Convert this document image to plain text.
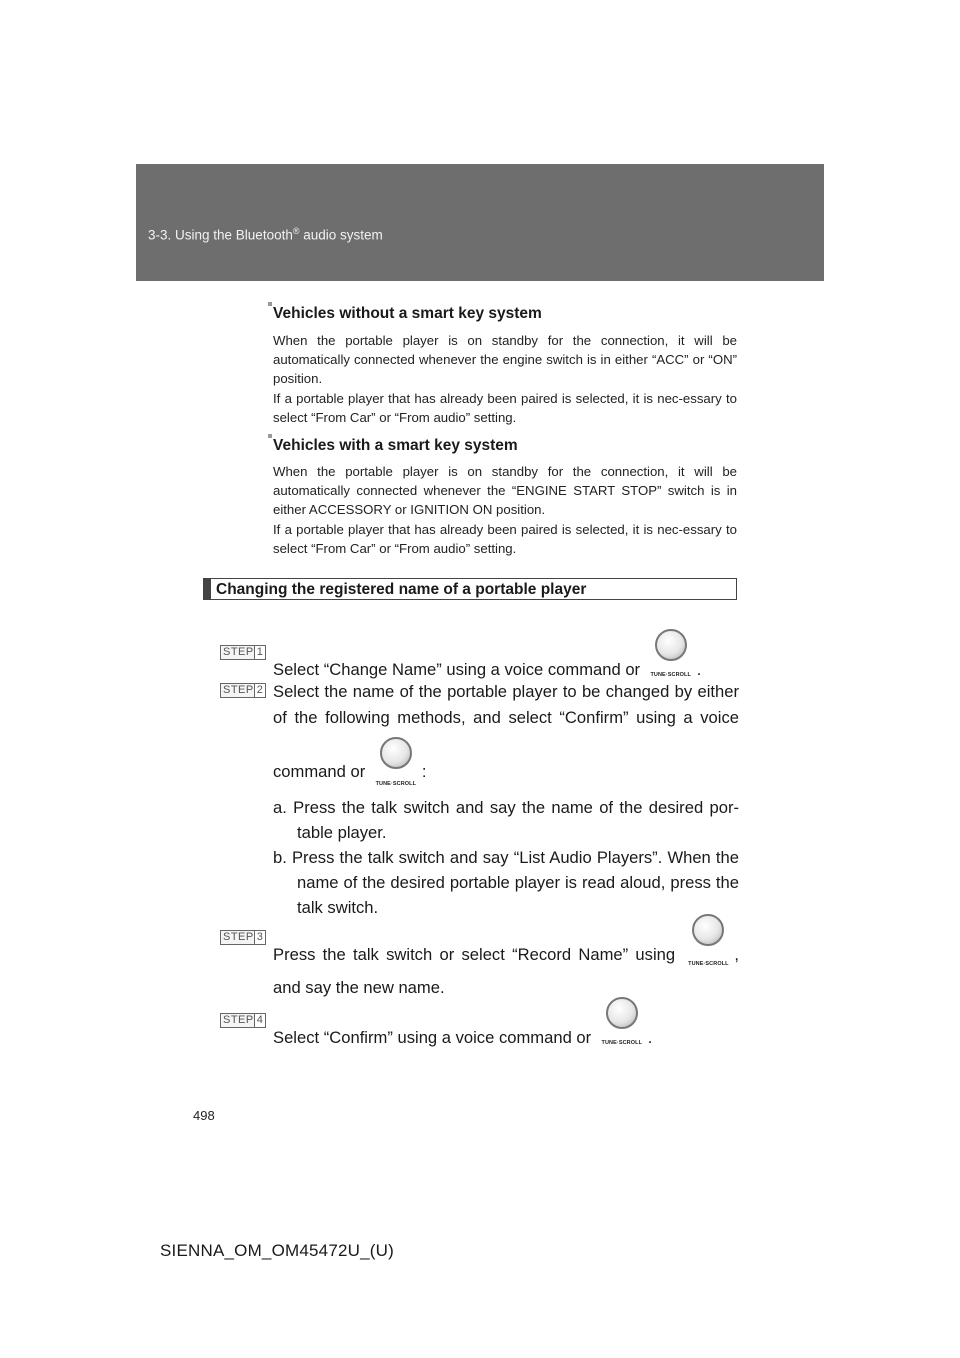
3-3. Using the Bluetooth® audio system
Vehicles without a smart key system

When the portable player is on standby for the connection, it will be automatically connected whenever the engine switch is in either “ACC” or “ON” position.

If a portable player that has already been paired is selected, it is nec-essary to select “From Car” or “From audio” setting.

Vehicles with a smart key system

When the portable player is on standby for the connection, it will be automatically connected whenever the “ENGINE START STOP” switch is in either ACCESSORY or IGNITION ON position.

If a portable player that has already been paired is selected, it is nec-essary to select “From Car” or “From audio” setting.

Changing the registered name of a portable player
STEP 1

Select “Change Name” using a voice command or	TUNE·SCROLL .

STEP 2 Select the name of the portable player to be changed by either of the following methods, and select “Confirm” using a voice command or
TUNE·SCROLL
:

a. Press the talk switch and say the name of the desired por-table player.
b. Press the talk switch and say “List Audio Players”. When the name of the desired portable player is read aloud, press the talk switch.
STEP 3

Press the talk switch or select “Record Name” using	TUNE·SCROLL , and say the new name.

STEP 4

Select “Confirm” using a voice command or	TUNE·SCROLL .

498
SIENNA_OM_OM45472U_(U)
